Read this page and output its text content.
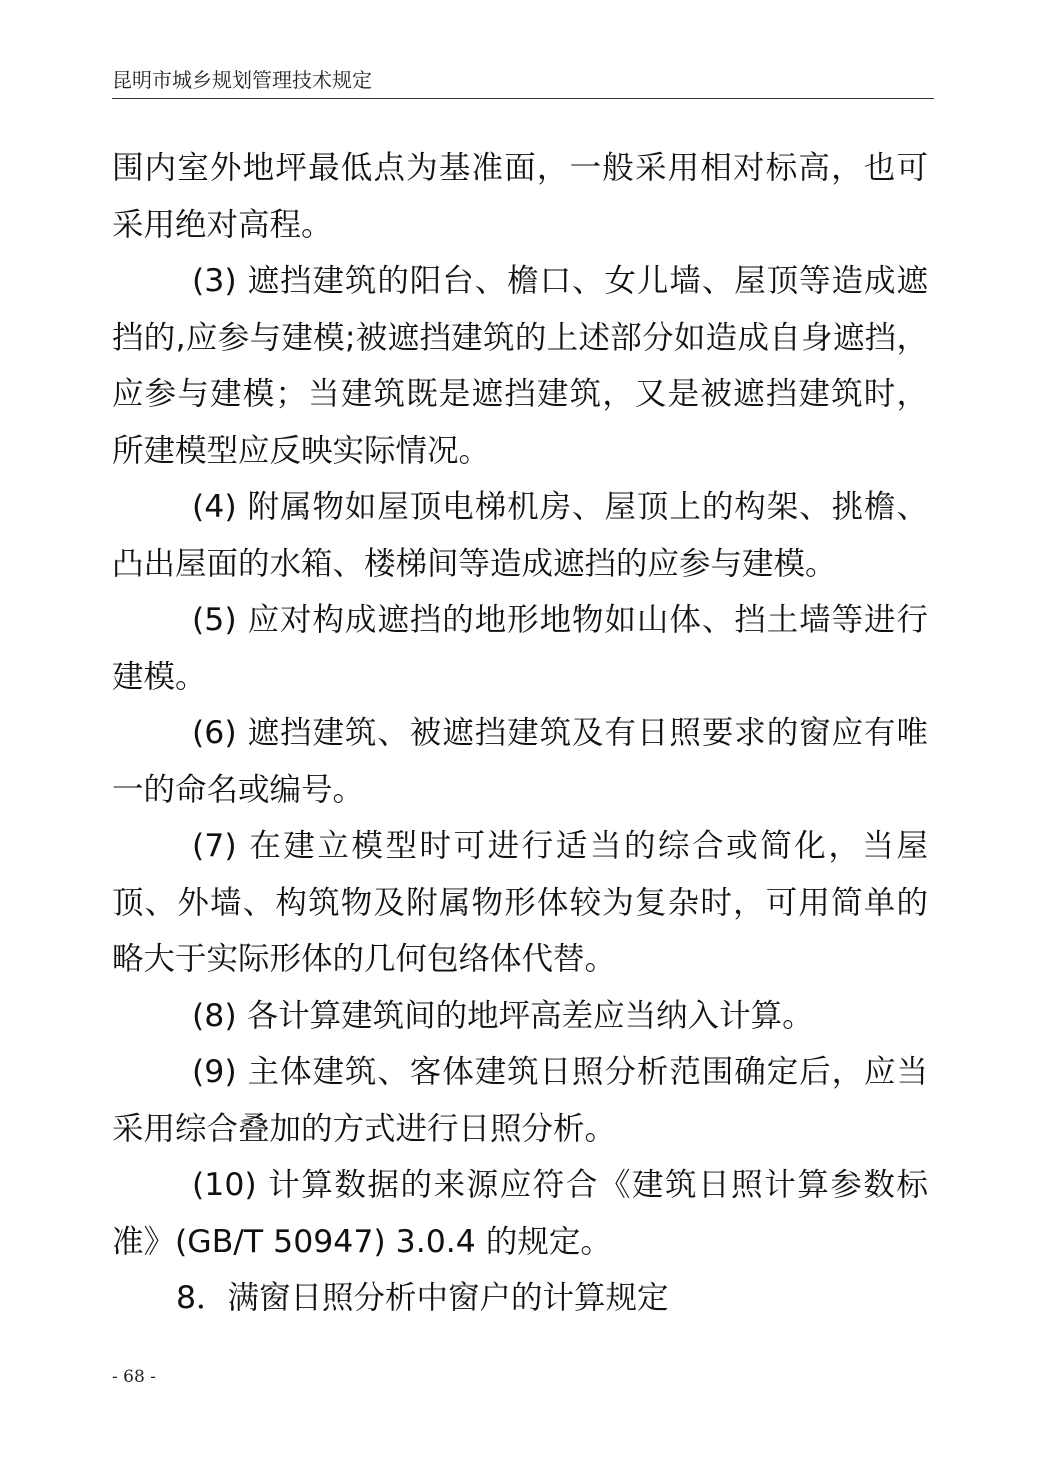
昆明市城乡规划管理技术规定

围内室外地坪最低点为基准面，一般采用相对标高，也可采用绝对高程。

(3) 遮挡建筑的阳台、檐口、女儿墙、屋顶等造成遮挡的,应参与建模;被遮挡建筑的上述部分如造成自身遮挡，应参与建模；当建筑既是遮挡建筑，又是被遮挡建筑时，所建模型应反映实际情况。

(4) 附属物如屋顶电梯机房、屋顶上的构架、挑檐、凸出屋面的水箱、楼梯间等造成遮挡的应参与建模。

(5) 应对构成遮挡的地形地物如山体、挡土墙等进行建模。

(6) 遮挡建筑、被遮挡建筑及有日照要求的窗应有唯一的命名或编号。

(7) 在建立模型时可进行适当的综合或简化，当屋顶、外墙、构筑物及附属物形体较为复杂时，可用简单的略大于实际形体的几何包络体代替。

(8) 各计算建筑间的地坪高差应当纳入计算。

(9) 主体建筑、客体建筑日照分析范围确定后，应当采用综合叠加的方式进行日照分析。

(10) 计算数据的来源应符合《建筑日照计算参数标准》(GB/T 50947) 3.0.4 的规定。

8．满窗日照分析中窗户的计算规定

- 68 -
